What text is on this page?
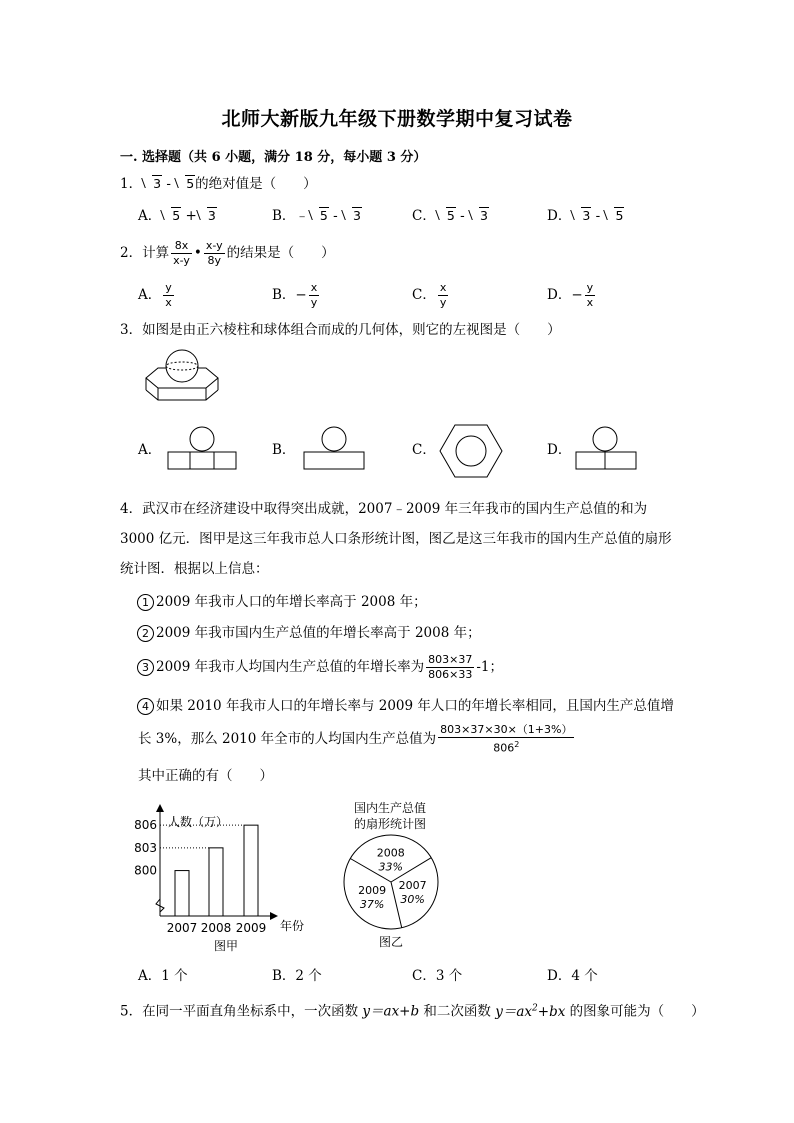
北师大新版九年级下册数学期中复习试卷
一. 选择题（共 6 小题，满分 18 分，每小题 3 分）
1． 3 - 5的绝对值是（　　）
A． 5 + 3	B．﹣ 5 - 3	C． 5 - 3	D． 3 - 5
2．计算 $\frac{8x}{x-y}$ • $\frac{x-y}{8y}$ 的结果是（　　）
A． $\frac{y}{x}$	B．− $\frac{x}{y}$	C． $\frac{x}{y}$	D．− $\frac{y}{x}$
3．如图是由正六棱柱和球体组合而成的几何体，则它的左视图是（　　）
A．	B．	C．	D．
4．武汉市在经济建设中取得突出成就，2007﹣2009 年三年我市的国内生产总值的和为 3000 亿元．图甲是这三年我市总人口条形统计图，图乙是这三年我市的国内生产总值的扇形统计图．根据以上信息：
1 2009 年我市人口的年增长率高于 2008 年；
2 2009 年我市国内生产总值的年增长率高于 2008 年；
3 2009 年我市人均国内生产总值的年增长率为 $\frac{803\times 37}{806\times 33} -1$；
4 如果 2010 年我市人口的年增长率与 2009 年人口的年增长率相同，且国内生产总值增
长 3%，那么 2010 年全市的人均国内生产总值为 $\frac{803\times 37\times 30\times(1+3\%)}{806^2}$
其中正确的有（　　）
人数（万）
年份
图甲
2007 2008 2009
806
803
800
国内生产总值
的扇形统计图
2008
33%
2007
30%
2009
37%
图乙
A．1 个	B．2 个	C．3 个	D．4 个
5．在同一平面直角坐标系中，一次函数 y＝ax+b 和二次函数 $y=ax^2+bx$ 的图象可能为（　　）
